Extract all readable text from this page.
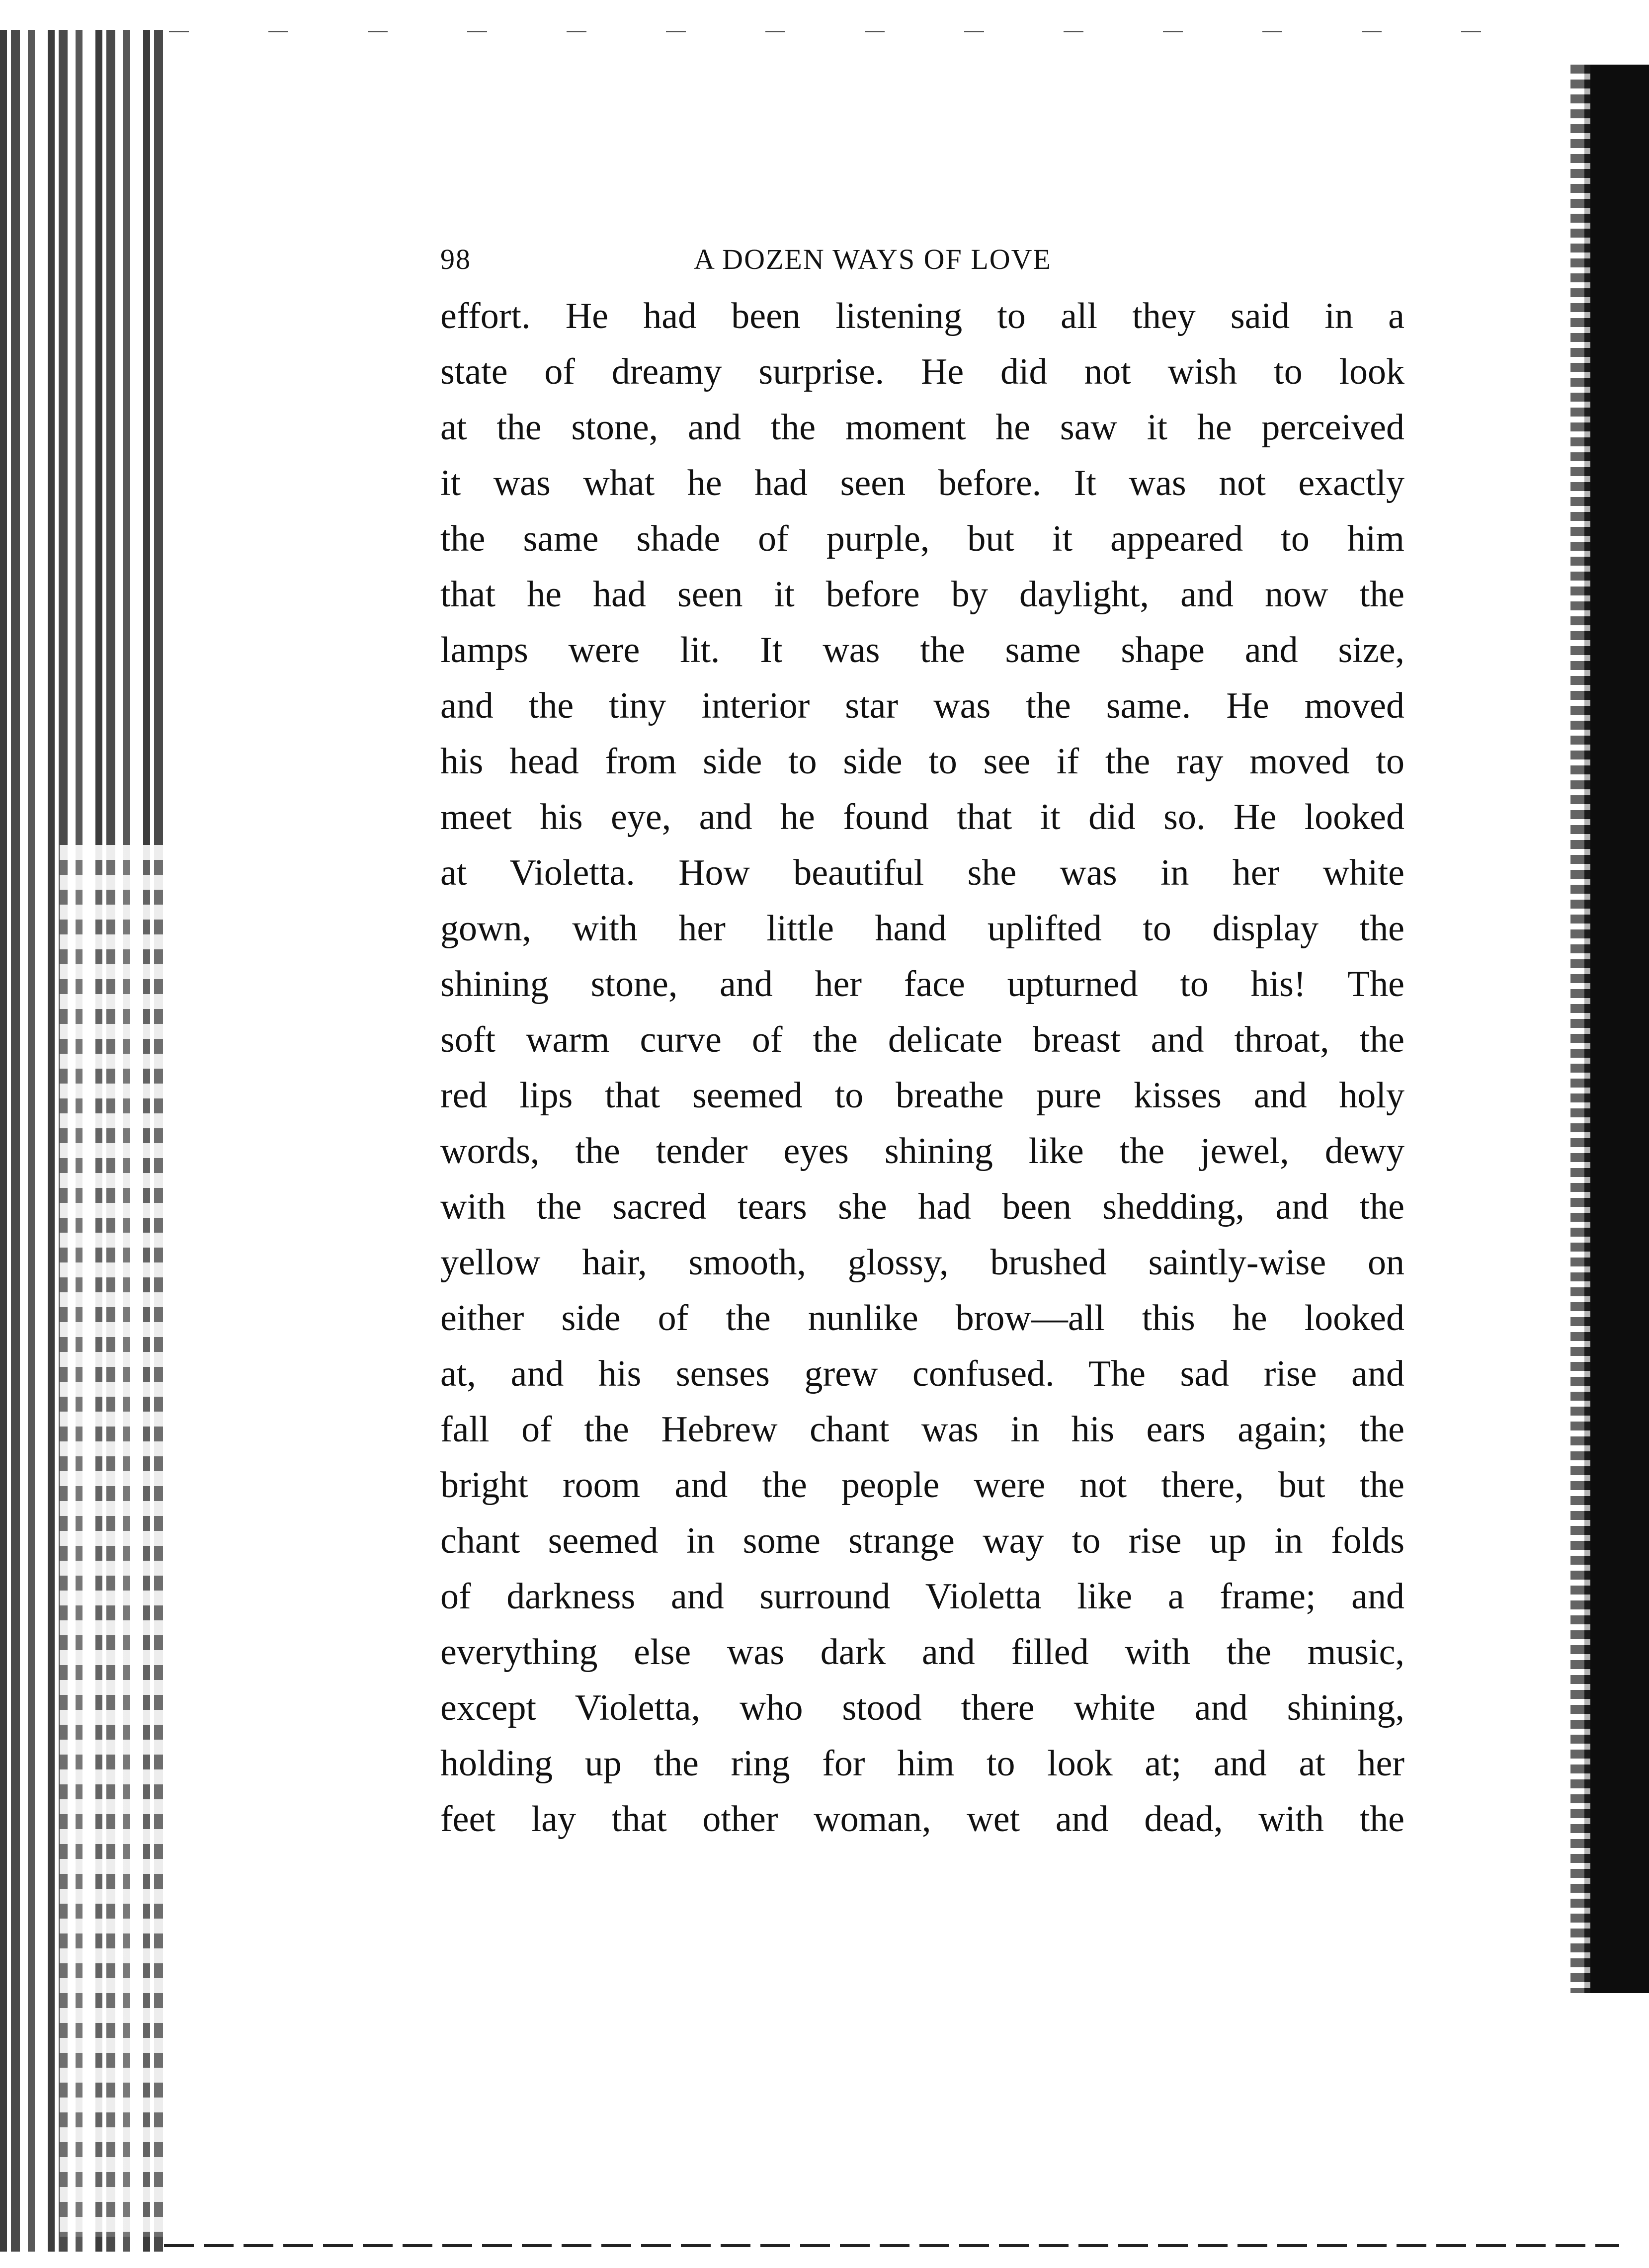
98	A DOZEN WAYS OF LOVE
effort. He had been listening to all they said in a
state of dreamy surprise. He did not wish to look
at the stone, and the moment he saw it he perceived
it was what he had seen before. It was not exactly
the same shade of purple, but it appeared to him
that he had seen it before by daylight, and now the
lamps were lit. It was the same shape and size,
and the tiny interior star was the same. He moved
his head from side to side to see if the ray moved to
meet his eye, and he found that it did so. He looked
at Violetta. How beautiful she was in her white
gown, with her little hand uplifted to display the
shining stone, and her face upturned to his! The
soft warm curve of the delicate breast and throat, the
red lips that seemed to breathe pure kisses and holy
words, the tender eyes shining like the jewel, dewy
with the sacred tears she had been shedding, and the
yellow hair, smooth, glossy, brushed saintly-wise on
either side of the nunlike brow—all this he looked
at, and his senses grew confused. The sad rise and
fall of the Hebrew chant was in his ears again; the
bright room and the people were not there, but the
chant seemed in some strange way to rise up in folds
of darkness and surround Violetta like a frame; and
everything else was dark and filled with the music,
except Violetta, who stood there white and shining,
holding up the ring for him to look at; and at her
feet lay that other woman, wet and dead, with the
